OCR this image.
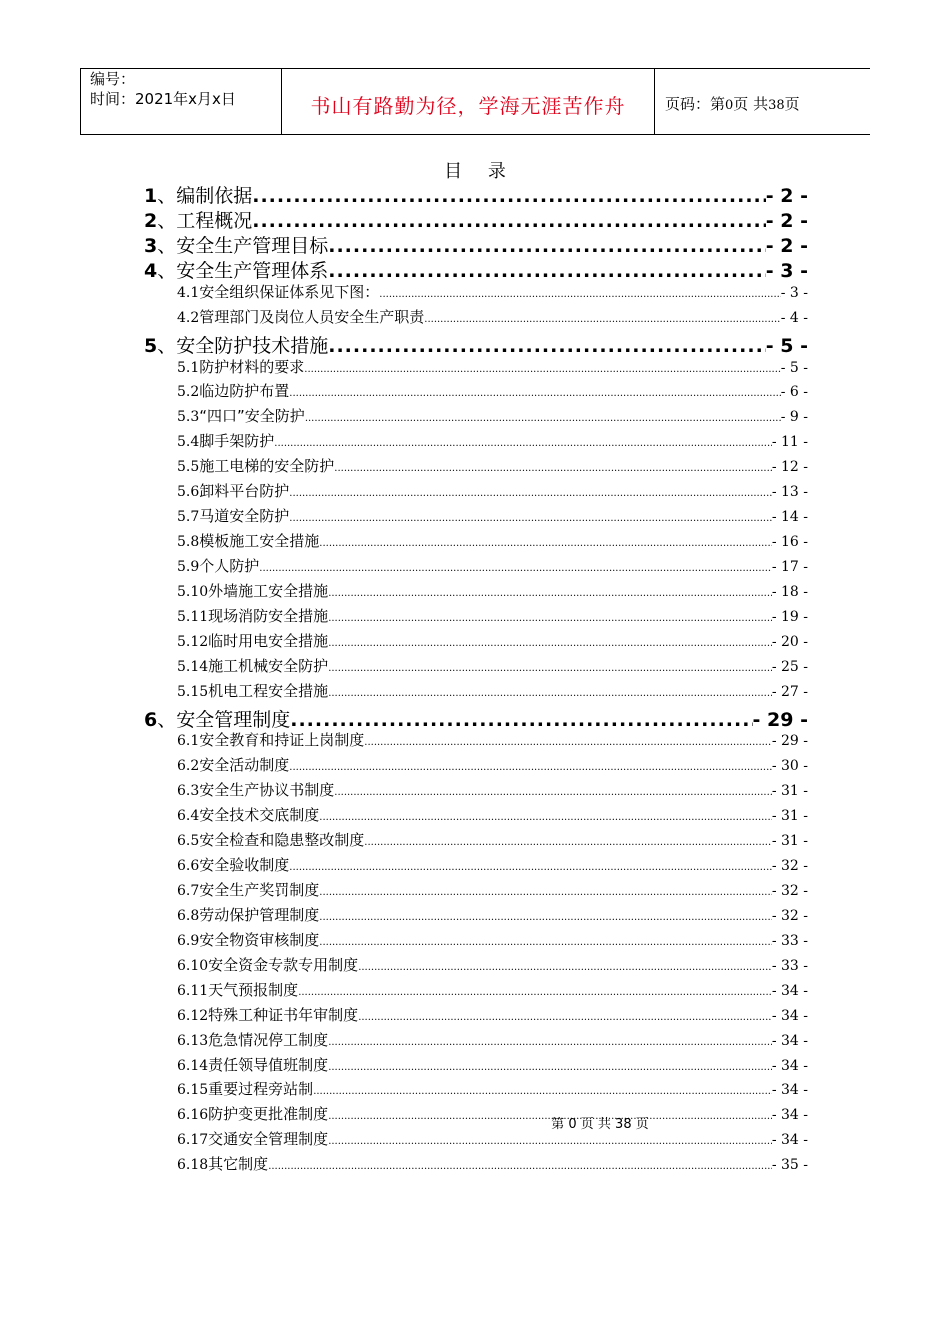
编号：
时间：2021年x月x日	书山有路勤为径，学海无涯苦作舟	页码：第0页 共38页
目 录
1 、编制依据 .....	- 2 -
2 、工程概况 .....	- 2 -
3 、安全生产管理目标 .....	- 2 -
4 、安全生产管理体系 .....	- 3 -
4.1 安全组织保证体系见下图： .....	- 3 -
4.2 管理部门及岗位人员安全生产职责 .....	- 4 -
5 、安全防护技术措施 .....	- 5 -
5.1 防护材料的要求 .....	- 5 -
5.2 临边防护布置 .....	- 6 -
5.3 “四口”安全防护 .....	- 9 -
5.4 脚手架防护 .....	- 11 -
5.5 施工电梯的安全防护 .....	- 12 -
5.6 卸料平台防护 .....	- 13 -
5.7 马道安全防护 .....	- 14 -
5.8 模板施工安全措施 .....	- 16 -
5.9 个人防护 .....	- 17 -
5.10 外墙施工安全措施 .....	- 18 -
5.11 现场消防安全措施 .....	- 19 -
5.12 临时用电安全措施 .....	- 20 -
5.14 施工机械安全防护 .....	- 25 -
5.15 机电工程安全措施 .....	- 27 -
6 、安全管理制度 .....	- 29 -
6.1 安全教育和持证上岗制度 .....	- 29 -
6.2 安全活动制度 .....	- 30 -
6.3 安全生产协议书制度 .....	- 31 -
6.4 安全技术交底制度 .....	- 31 -
6.5 安全检查和隐患整改制度 .....	- 31 -
6.6 安全验收制度 .....	- 32 -
6.7 安全生产奖罚制度 .....	- 32 -
6.8 劳动保护管理制度 .....	- 32 -
6.9 安全物资审核制度 .....	- 33 -
6.10 安全资金专款专用制度 .....	- 33 -
6.11 天气预报制度 .....	- 34 -
6.12 特殊工种证书年审制度 .....	- 34 -
6.13 危急情况停工制度 .....	- 34 -
6.14 责任领导值班制度 .....	- 34 -
6.15 重要过程旁站制 .....	- 34 -
6.16 防护变更批准制度 .....	- 34 -
6.17 交通安全管理制度 .....	- 34 -
6.18 其它制度 .....	- 35 -
第 0 页 共 38 页
